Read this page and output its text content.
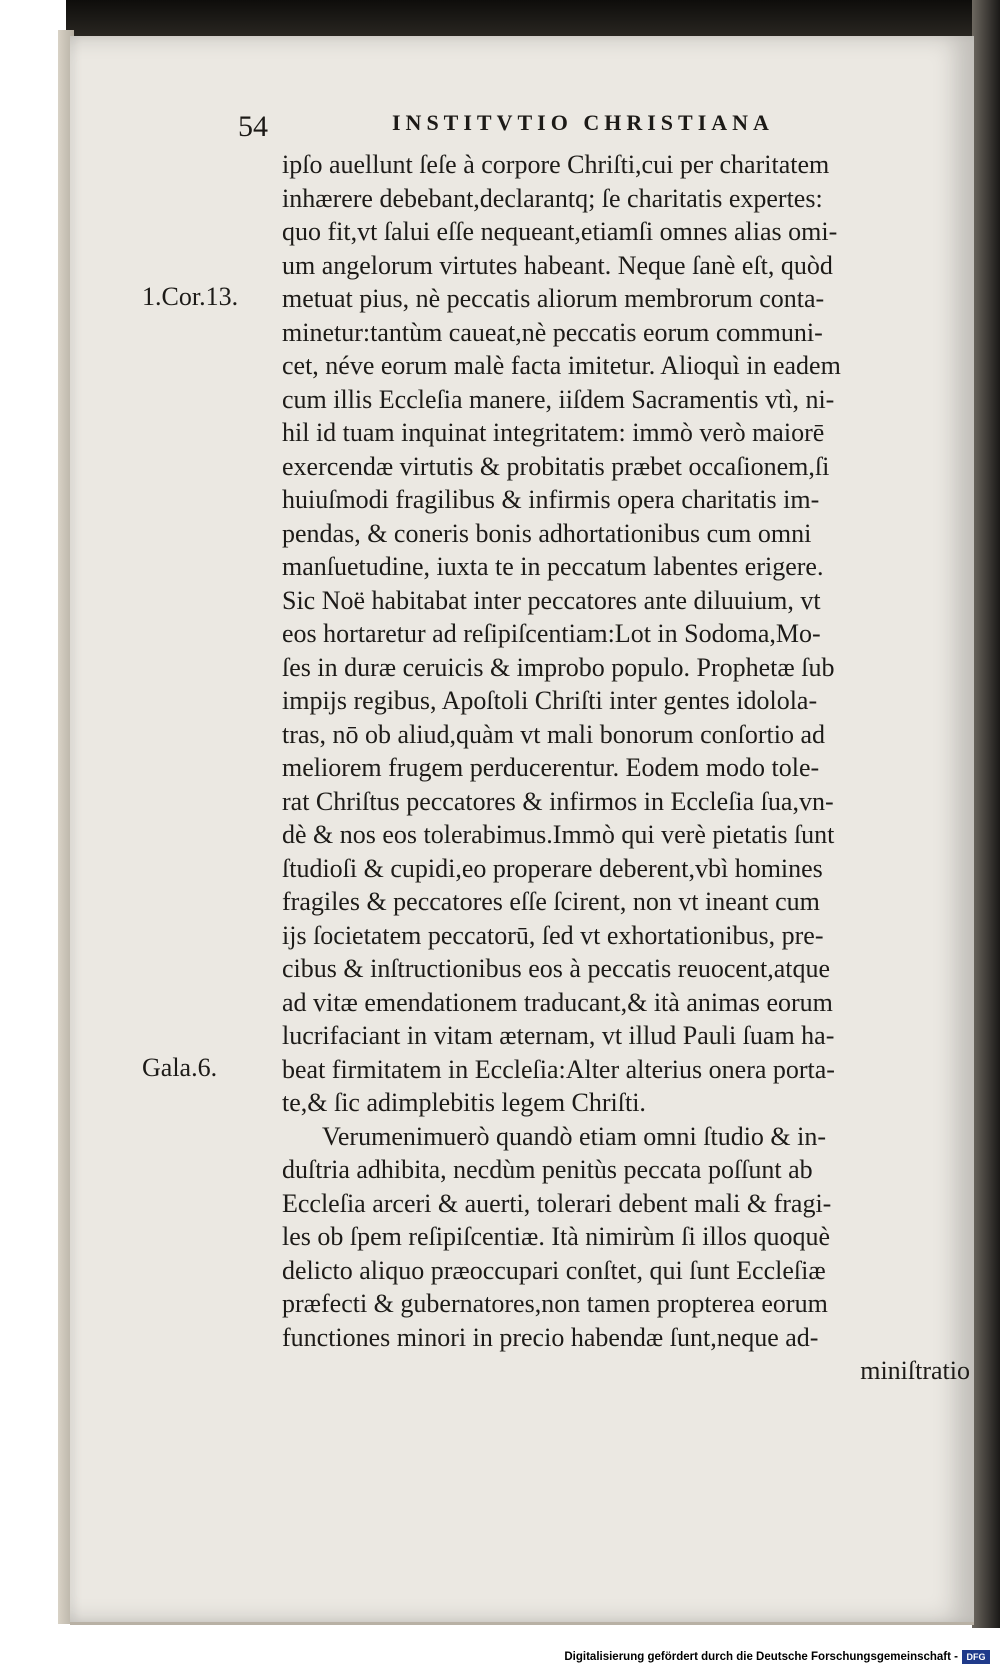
54	INSTITVTIO CHRISTIANA

ipſo auellunt ſeſe à corpore Chriſti,cui per charitatem
inhærere debebant,declarantq; ſe charitatis expertes:
quo fit,vt ſalui eſſe nequeant,etiamſi omnes alias omi-
um angelorum virtutes habeant. Neque ſanè eſt, quòd
metuat pius, nè peccatis aliorum membrorum conta-
minetur:tantùm caueat,nè peccatis eorum communi-
cet, néve eorum malè facta imitetur. Alioquì in eadem
cum illis Eccleſia manere, iiſdem Sacramentis vtì, ni-
hil id tuam inquinat integritatem: immò verò maiorē
exercendæ virtutis & probitatis præbet occaſionem,ſi
huiuſmodi fragilibus & infirmis opera charitatis im-
pendas, & coneris bonis adhortationibus cum omni
manſuetudine, iuxta te in peccatum labentes erigere.
Sic Noë habitabat inter peccatores ante diluuium, vt
eos hortaretur ad reſipiſcentiam:Lot in Sodoma,Mo-
ſes in duræ ceruicis & improbo populo. Prophetæ ſub
impijs regibus, Apoſtoli Chriſti inter gentes idolola-
tras, nō ob aliud,quàm vt mali bonorum conſortio ad
meliorem frugem perducerentur. Eodem modo tole-
rat Chriſtus peccatores & infirmos in Eccleſia ſua,vn-
dè & nos eos tolerabimus.Immò qui verè pietatis ſunt
ſtudioſi & cupidi,eo properare deberent,vbì homines
fragiles & peccatores eſſe ſcirent, non vt ineant cum
ijs ſocietatem peccatorū, ſed vt exhortationibus, pre-
cibus & inſtructionibus eos à peccatis reuocent,atque
ad vitæ emendationem traducant,& ità animas eorum
lucrifaciant in vitam æternam, vt illud Pauli ſuam ha-
beat firmitatem in Eccleſia:Alter alterius onera porta-
te,& ſic adimplebitis legem Chriſti.
Verumenimuerò quandò etiam omni ſtudio & in-
duſtria adhibita, necdùm penitùs peccata poſſunt ab
Eccleſia arceri & auerti, tolerari debent mali & fragi-
les ob ſpem reſipiſcentiæ. Ità nimirùm ſi illos quoquè
delicto aliquo præoccupari conſtet, qui ſunt Eccleſiæ
præfecti & gubernatores,non tamen propterea eorum
functiones minori in precio habendæ ſunt,neque ad-
miniſtratio

1.Cor.13.

Gala.6.

Digitalisierung gefördert durch die Deutsche Forschungsgemeinschaft - DFG
